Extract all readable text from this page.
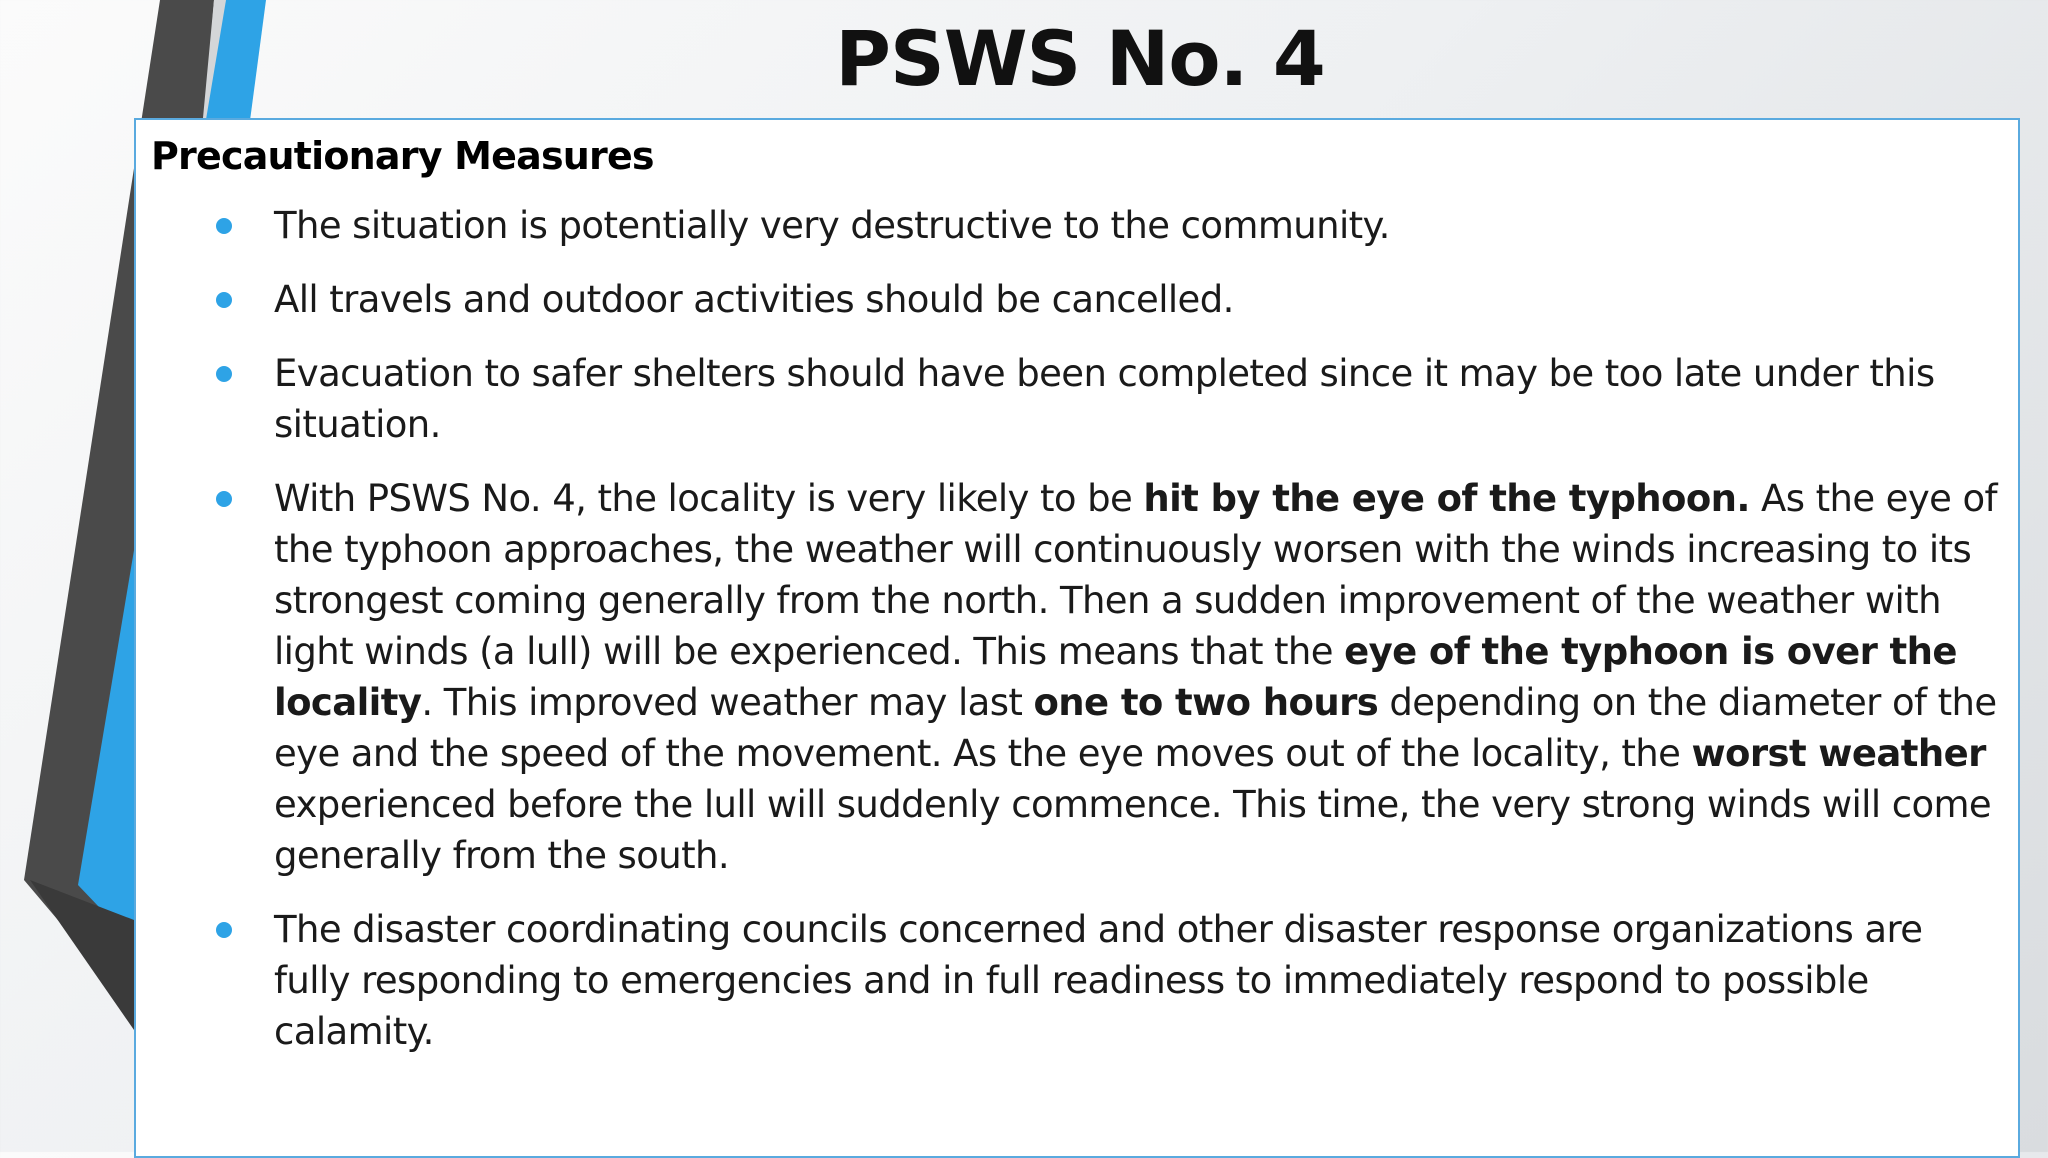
PSWS No. 4
Precautionary Measures
The situation is potentially very destructive to the community.
All travels and outdoor activities should be cancelled.
Evacuation to safer shelters should have been completed since it may be too late under this situation.
With PSWS No. 4, the locality is very likely to be hit by the eye of the typhoon. As the eye of the typhoon approaches, the weather will continuously worsen with the winds increasing to its strongest coming generally from the north. Then a sudden improvement of the weather with light winds (a lull) will be experienced. This means that the eye of the typhoon is over the locality. This improved weather may last one to two hours depending on the diameter of the eye and the speed of the movement. As the eye moves out of the locality, the worst weather experienced before the lull will suddenly commence. This time, the very strong winds will come generally from the south.
The disaster coordinating councils concerned and other disaster response organizations are fully responding to emergencies and in full readiness to immediately respond to possible calamity.
